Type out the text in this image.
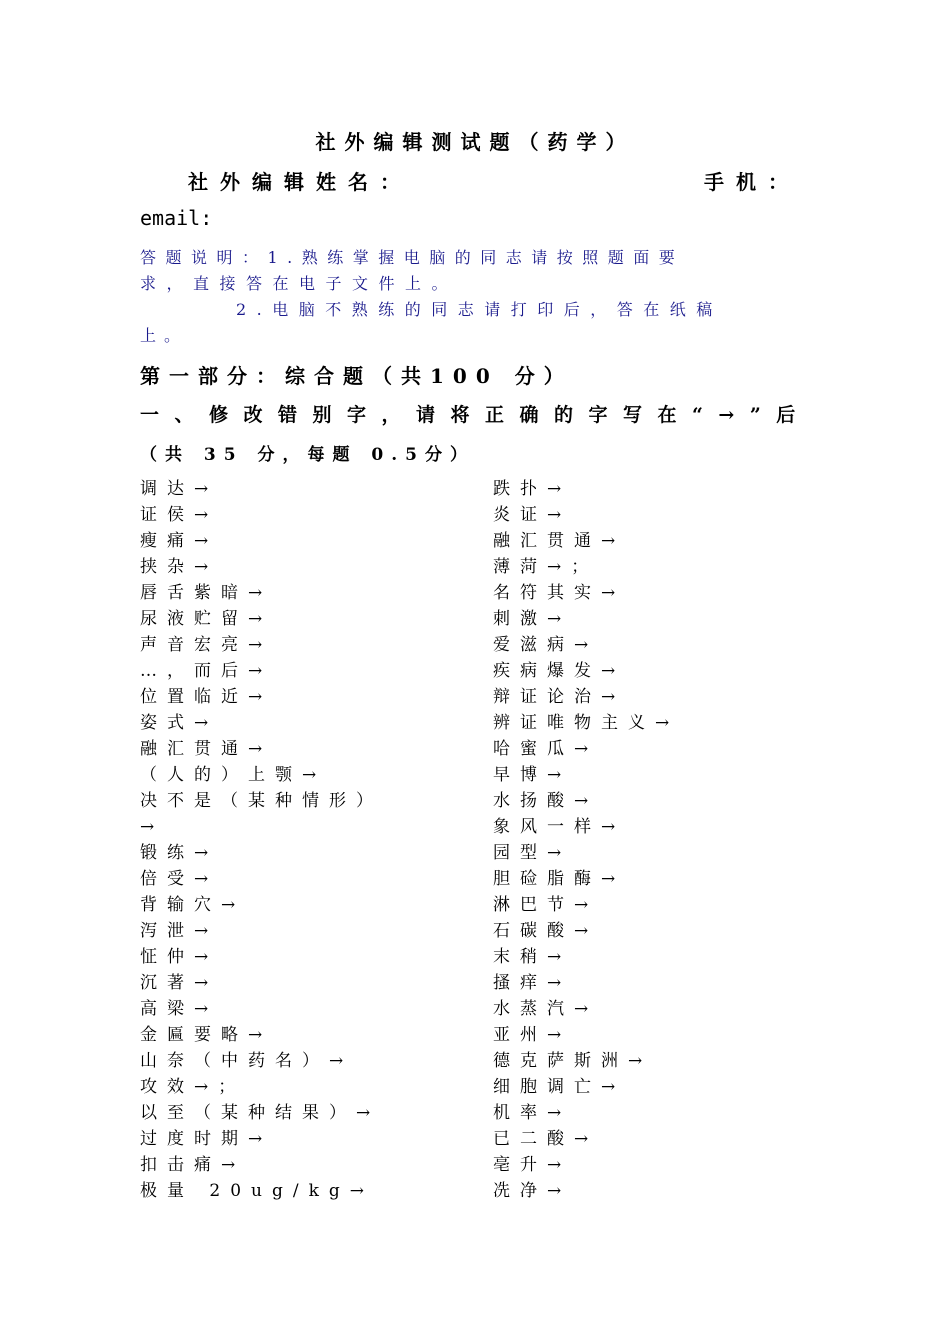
社外编辑测试题（药学）
社外编辑姓名：	手机：
email:
答题说明：1.熟练掌握电脑的同志请按照题面要
求，直接答在电子文件上。
2.电脑不熟练的同志请打印后，答在纸稿
上。
第一部分：综合题（共100 分）
一、修改错别字，请将正确的字写在“→”后
（共 35 分，每题 0.5分）
调达→
证侯→
瘦痛→
挟杂→
唇舌紫暗→
尿液贮留→
声音宏亮→
…，而后→
位置临近→
姿式→
融汇贯通→
（人的）上颚→
决不是（某种情形）
→
锻练→
倍受→
背输穴→
泻泄→
怔仲→
沉著→
高梁→
金匾要略→
山奈（中药名）→
攻效→；
以至（某种结果）→
过度时期→
扣击痛→
极量 20ug/kg→
跌扑→
炎证→
融汇贯通→
薄菏→；
名符其实→
刺激→
爱滋病→
疾病爆发→
辩证论治→
辨证唯物主义→
哈蜜瓜→
早博→
水扬酸→
象风一样→
园型→
胆硷脂酶→
淋巴节→
石碳酸→
末稍→
搔痒→
水蒸汽→
亚州→
德克萨斯洲→
细胞调亡→
机率→
已二酸→
亳升→
冼净→
